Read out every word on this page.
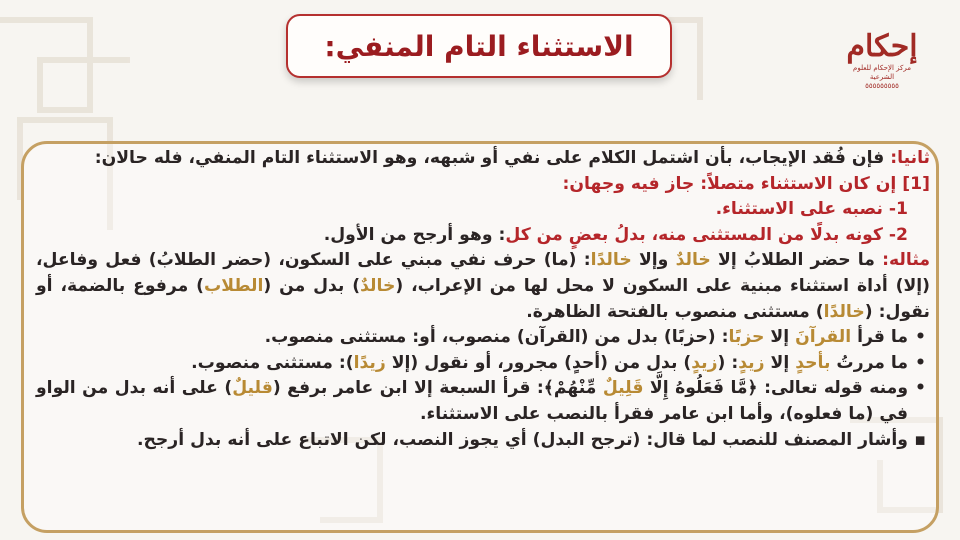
الاستثناء التام المنفي:	إحكام
مركز الإحكام للعلوم الشرعية
٥٥٥٥٥٥٥٥٥

ثانيا: فإن فُقد الإيجاب، بأن اشتمل الكلام على نفي أو شبهه، وهو الاستثناء التام المنفي، فله حالان:

[1] إن كان الاستثناء متصلاً: جاز فيه وجهان:

1- نصبه على الاستثناء.

2- كونه بدلًا من المستثنى منه، بدلُ بعضٍ من كل: وهو أرجح من الأول.

مثاله: ما حضر الطلابُ إلا خالدٌ وإلا خالدًا: (ما) حرف نفي مبني على السكون، (حضر الطلابُ) فعل وفاعل، (إلا) أداة استثناء مبنية على السكون لا محل لها من الإعراب، (خالدٌ) بدل من (الطلاب) مرفوع بالضمة، أو نقول: (خالدًا) مستثنى منصوب بالفتحة الظاهرة.

• ما قرأ القرآنَ إلا حزبًا: (حزبًا) بدل من (القرآن) منصوب، أو: مستثنى منصوب.

• ما مررتُ بأحدٍ إلا زيدٍ: (زيدٍ) بدل من (أحدٍ) مجرور، أو نقول (إلا زيدًا): مستثنى منصوب.

• ومنه قوله تعالى: ﴿مَّا فَعَلُوهُ إِلَّا قَلِيلٌ مِّنْهُمْ﴾: قرأ السبعة إلا ابن عامر برفع (قليلٌ) على أنه بدل من الواو في (ما فعلوه)، وأما ابن عامر فقرأ بالنصب على الاستثناء.

▪ وأشار المصنف للنصب لما قال: (ترجح البدل) أي يجوز النصب، لكن الاتباع على أنه بدل أرجح.
